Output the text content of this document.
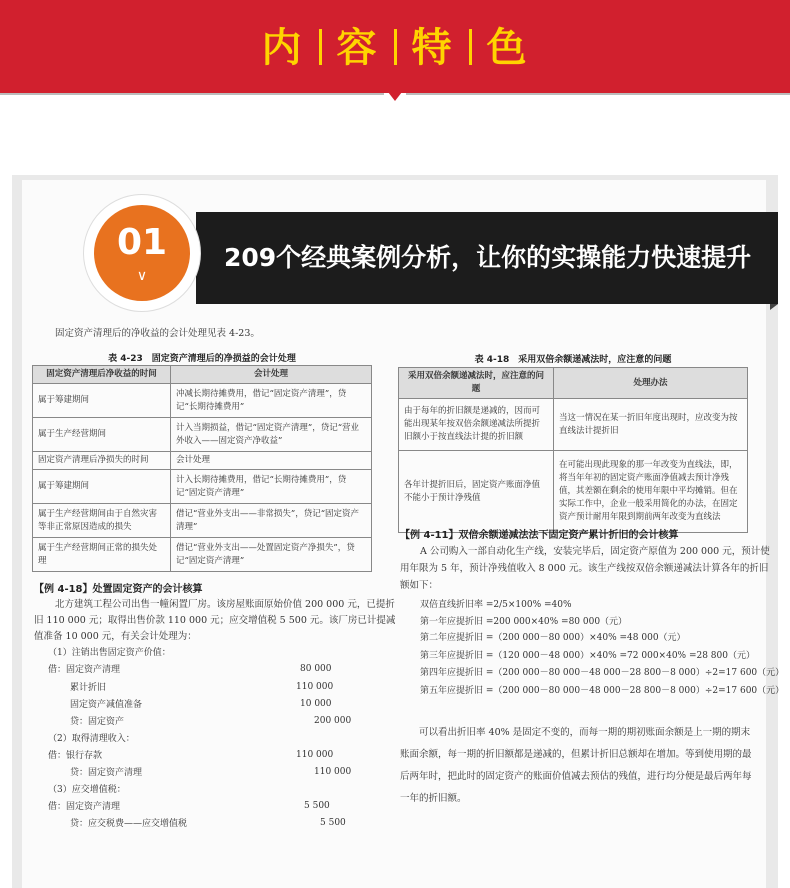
内 容 特 色
209个经典案例分析，让你的实操能力快速提升
01
∨
固定资产清理后的净收益的会计处理见表 4-23。
表 4-23　固定资产清理后的净损益的会计处理
固定资产清理后净收益的时间	会计处理
属于筹建期间	冲减长期待摊费用，借记“固定资产清理”，贷记“长期待摊费用”
属于生产经营期间	计入当期损益，借记“固定资产清理”，贷记“营业外收入——固定资产净收益”
固定资产清理后净损失的时间	会计处理
属于筹建期间	计入长期待摊费用，借记“长期待摊费用”，贷记“固定资产清理”
属于生产经营期间由于自然灾害等非正常原因造成的损失	借记“营业外支出——非常损失”，贷记“固定资产清理”
属于生产经营期间正常的损失处理	借记“营业外支出——处置固定资产净损失”，贷记“固定资产清理”
【例 4-18】处置固定资产的会计核算
北方建筑工程公司出售一幢闲置厂房。该房屋账面原始价值 200 000 元，已提折
旧 110 000 元；取得出售价款 110 000 元；应交增值税 5 500 元。该厂房已计提减
值准备 10 000 元，有关会计处理为：
（1）注销出售固定资产价值：
借：固定资产清理	80 000
累计折旧	110 000
固定资产减值准备	10 000
贷：固定资产	200 000
（2）取得清理收入：
借：银行存款	110 000
贷：固定资产清理	110 000
（3）应交增值税：
借：固定资产清理	5 500
贷：应交税费——应交增值税	5 500
表 4-18　采用双倍余额递减法时，应注意的问题
采用双倍余额递减法时，应注意的问题	处理办法
由于每年的折旧额是递减的，因而可能出现某年按双倍余额递减法所提折旧额小于按直线法计提的折旧额	当这一情况在某一折旧年度出现时，应改变为按直线法计提折旧
各年计提折旧后，固定资产账面净值不能小于预计净残值	在可能出现此现象的那一年改变为直线法，即，将当年年初的固定资产账面净值减去预计净残值，其差额在剩余的使用年限中平均摊销。但在实际工作中，企业一般采用简化的办法，在固定资产预计耐用年限到期前两年改变为直线法
【例 4-11】双倍余额递减法法下固定资产累计折旧的会计核算
A 公司购入一部自动化生产线，安装完毕后，固定资产原值为 200 000 元，预计使
用年限为 5 年，预计净残值收入 8 000 元。该生产线按双倍余额递减法计算各年的折旧
额如下：
双倍直线折旧率 =2/5×100% =40%
第一年应提折旧 =200 000×40% =80 000（元）
第二年应提折旧 =（200 000－80 000）×40% =48 000（元）
第三年应提折旧 =（120 000－48 000）×40% =72 000×40% =28 800（元）
第四年应提折旧 =（200 000－80 000－48 000－28 800－8 000）÷2=17 600（元）
第五年应提折旧 =（200 000－80 000－48 000－28 800－8 000）÷2=17 600（元）
可以看出折旧率 40% 是固定不变的，而每一期的期初账面余额是上一期的期末账面余额，每一期的折旧额都是递减的，但累计折旧总额却在增加。等到使用期的最后两年时，把此时的固定资产的账面价值减去预估的残值，进行均分便是最后两年每一年的折旧额。
